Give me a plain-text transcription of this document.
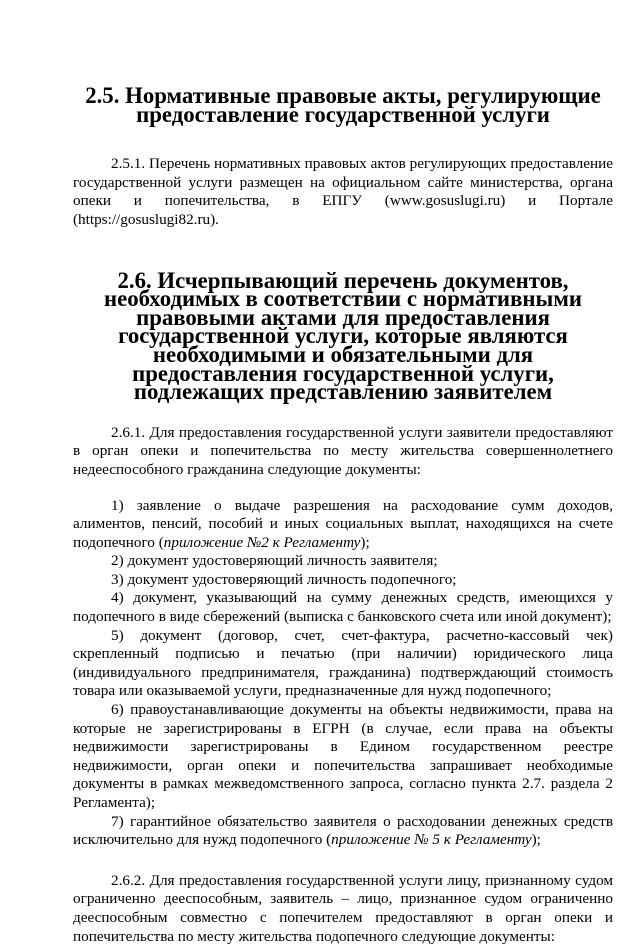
2.5. Нормативные правовые акты, регулирующие предоставление государственной услуги

2.5.1. Перечень нормативных правовых актов регулирующих предоставление государственной услуги размещен на официальном сайте министерства, органа опеки и попечительства, в ЕПГУ (www.gosuslugi.ru) и Портале (https://gosuslugi82.ru).

2.6. Исчерпывающий перечень документов, необходимых в соответствии с нормативными правовыми актами для предоставления государственной услуги, которые являются необходимыми и обязательными для предоставления государственной услуги, подлежащих представлению заявителем

2.6.1. Для предоставления государственной услуги заявители предоставляют в орган опеки и попечительства по месту жительства совершеннолетнего недееспособного гражданина следующие документы:

1) заявление о выдаче разрешения на расходование сумм доходов, алиментов, пенсий, пособий и иных социальных выплат, находящихся на счете подопечного (приложение №2 к Регламенту);

2) документ удостоверяющий личность заявителя;

3) документ удостоверяющий личность подопечного;

4) документ, указывающий на сумму денежных средств, имеющихся у подопечного в виде сбережений (выписка с банковского счета или иной документ);

5) документ (договор, счет, счет-фактура, расчетно-кассовый чек) скрепленный подписью и печатью (при наличии) юридического лица (индивидуального предпринимателя, гражданина) подтверждающий стоимость товара или оказываемой услуги, предназначенные для нужд подопечного;

6) правоустанавливающие документы на объекты недвижимости, права на которые не зарегистрированы в ЕГРН (в случае, если права на объекты недвижимости зарегистрированы в Едином государственном реестре недвижимости, орган опеки и попечительства запрашивает необходимые документы в рамках межведомственного запроса, согласно пункта 2.7. раздела 2 Регламента);

7) гарантийное обязательство заявителя о расходовании денежных средств исключительно для нужд подопечного (приложение № 5 к Регламенту);

2.6.2. Для предоставления государственной услуги лицу, признанному судом ограниченно дееспособным, заявитель – лицо, признанное судом ограниченно дееспособным совместно с попечителем предоставляют в орган опеки и попечительства по месту жительства подопечного следующие документы:
